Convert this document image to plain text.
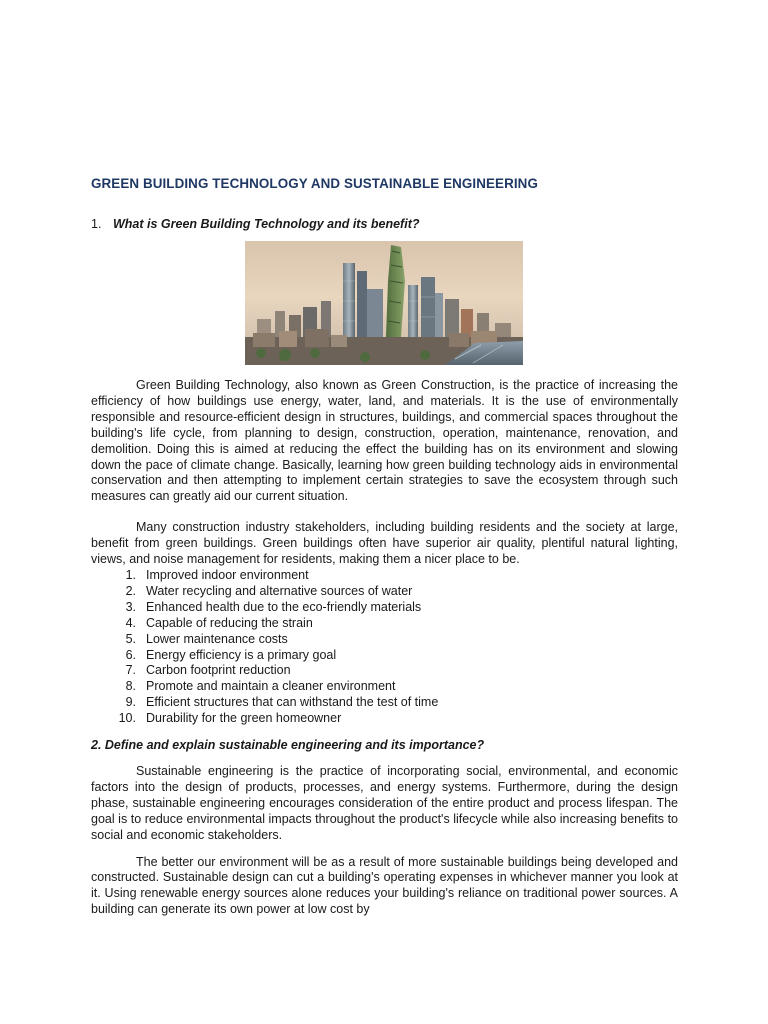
GREEN BUILDING TECHNOLOGY AND SUSTAINABLE ENGINEERING
1. What is Green Building Technology and its benefit?

Green Building Technology, also known as Green Construction, is the practice of increasing the efficiency of how buildings use energy, water, land, and materials. It is the use of environmentally responsible and resource-efficient design in structures, buildings, and commercial spaces throughout the building's life cycle, from planning to design, construction, operation, maintenance, renovation, and demolition. Doing this is aimed at reducing the effect the building has on its environment and slowing down the pace of climate change. Basically, learning how green building technology aids in environmental conservation and then attempting to implement certain strategies to save the ecosystem through such measures can greatly aid our current situation.

Many construction industry stakeholders, including building residents and the society at large, benefit from green buildings. Green buildings often have superior air quality, plentiful natural lighting, views, and noise management for residents, making them a nicer place to be.

1. Improved indoor environment
2. Water recycling and alternative sources of water
3. Enhanced health due to the eco-friendly materials
4. Capable of reducing the strain
5. Lower maintenance costs
6. Energy efficiency is a primary goal
7. Carbon footprint reduction
8. Promote and maintain a cleaner environment
9. Efficient structures that can withstand the test of time
10. Durability for the green homeowner
2. Define and explain sustainable engineering and its importance?

Sustainable engineering is the practice of incorporating social, environmental, and economic factors into the design of products, processes, and energy systems. Furthermore, during the design phase, sustainable engineering encourages consideration of the entire product and process lifespan. The goal is to reduce environmental impacts throughout the product's lifecycle while also increasing benefits to social and economic stakeholders.

The better our environment will be as a result of more sustainable buildings being developed and constructed. Sustainable design can cut a building's operating expenses in whichever manner you look at it. Using renewable energy sources alone reduces your building's reliance on traditional power sources. A building can generate its own power at low cost by
